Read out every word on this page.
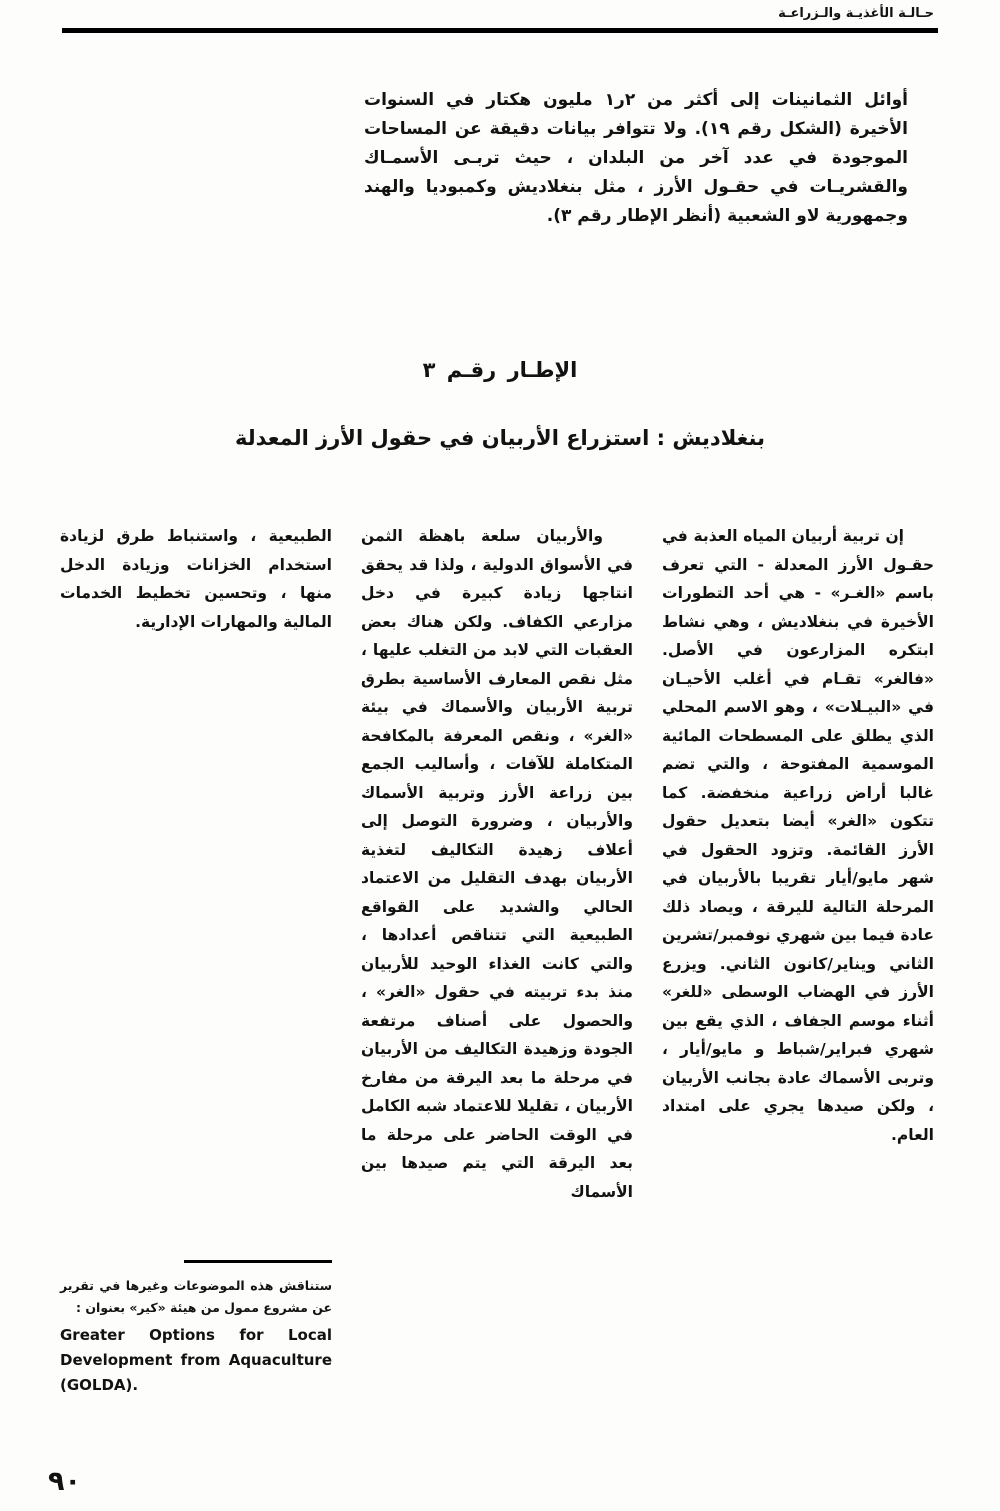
حـالـة الأغذيـة والـزراعـة

أوائل الثمانينات إلى أكثر من ٢ر١ مليون هكتار في السنوات الأخيرة (الشكل رقم ١٩). ولا تتوافر بيانات دقيقة عن المساحات الموجودة في عدد آخر من البلدان ، حيث تربـى الأسمـاك والقشريـات في حقـول الأرز ، مثل بنغلاديش وكمبوديا والهند وجمهورية لاو الشعبية (أنظر الإطار رقم ٣).

الإطـار رقـم ٣
بنغلاديش : استزراع الأربيان في حقول الأرز المعدلة

إن تربية أربيان المياه العذبة في حقـول الأرز المعدلة - التي تعرف باسم «الغـر» - هي أحد التطورات الأخيرة في بنغلاديش ، وهي نشاط ابتكره المزارعون في الأصل. «فالغر» تقـام في أغلب الأحيـان في «البيـلات» ، وهو الاسم المحلي الذي يطلق على المسطحات المائية الموسمية المفتوحة ، والتي تضم غالبا أراض زراعية منخفضة. كما تتكون «الغر» أيضا بتعديل حقول الأرز القائمة. وتزود الحقول في شهر مايو/أيار تقريبا بالأربيان في المرحلة التالية لليرقة ، ويصاد ذلك عادة فيما بين شهري نوفمبر/تشرين الثاني ويناير/كانون الثاني. ويزرع الأرز في الهضاب الوسطى «للغر» أثناء موسم الجفاف ، الذي يقع بين شهري فبراير/شباط و مايو/أيار ، وتربى الأسماك عادة بجانب الأربيان ، ولكن صيدها يجري على امتداد العام.

والأربيان سلعة باهظة الثمن في الأسواق الدولية ، ولذا قد يحقق انتاجها زيادة كبيرة في دخل مزارعي الكفاف. ولكن هناك بعض العقبات التي لابد من التغلب عليها ، مثل نقص المعارف الأساسية بطرق تربية الأربيان والأسماك في بيئة «الغر» ، ونقص المعرفة بالمكافحة المتكاملة للآفات ، وأساليب الجمع بين زراعة الأرز وتربية الأسماك والأربيان ، وضرورة التوصل إلى أعلاف زهيدة التكاليف لتغذية الأربيان بهدف التقليل من الاعتماد الحالي والشديد على القواقع الطبيعية التي تتناقص أعدادها ، والتي كانت الغذاء الوحيد للأربيان منذ بدء تربيته في حقول «الغر» ، والحصول على أصناف مرتفعة الجودة وزهيدة التكاليف من الأربيان في مرحلة ما بعد اليرقة من مفارخ الأربيان ، تقليلا للاعتماد شبه الكامل في الوقت الحاضر على مرحلة ما بعد اليرقة التي يتم صيدها بين الأسماك

الطبيعية ، واستنباط طرق لزيادة استخدام الخزانات وزيادة الدخل منها ، وتحسين تخطيط الخدمات المالية والمهارات الإدارية.

ستناقش هذه الموضوعات وغيرها في تقرير عن مشروع ممول من هيئة «كير» بعنوان :

Greater Options for Local Development from Aquaculture (GOLDA).

٩٠
